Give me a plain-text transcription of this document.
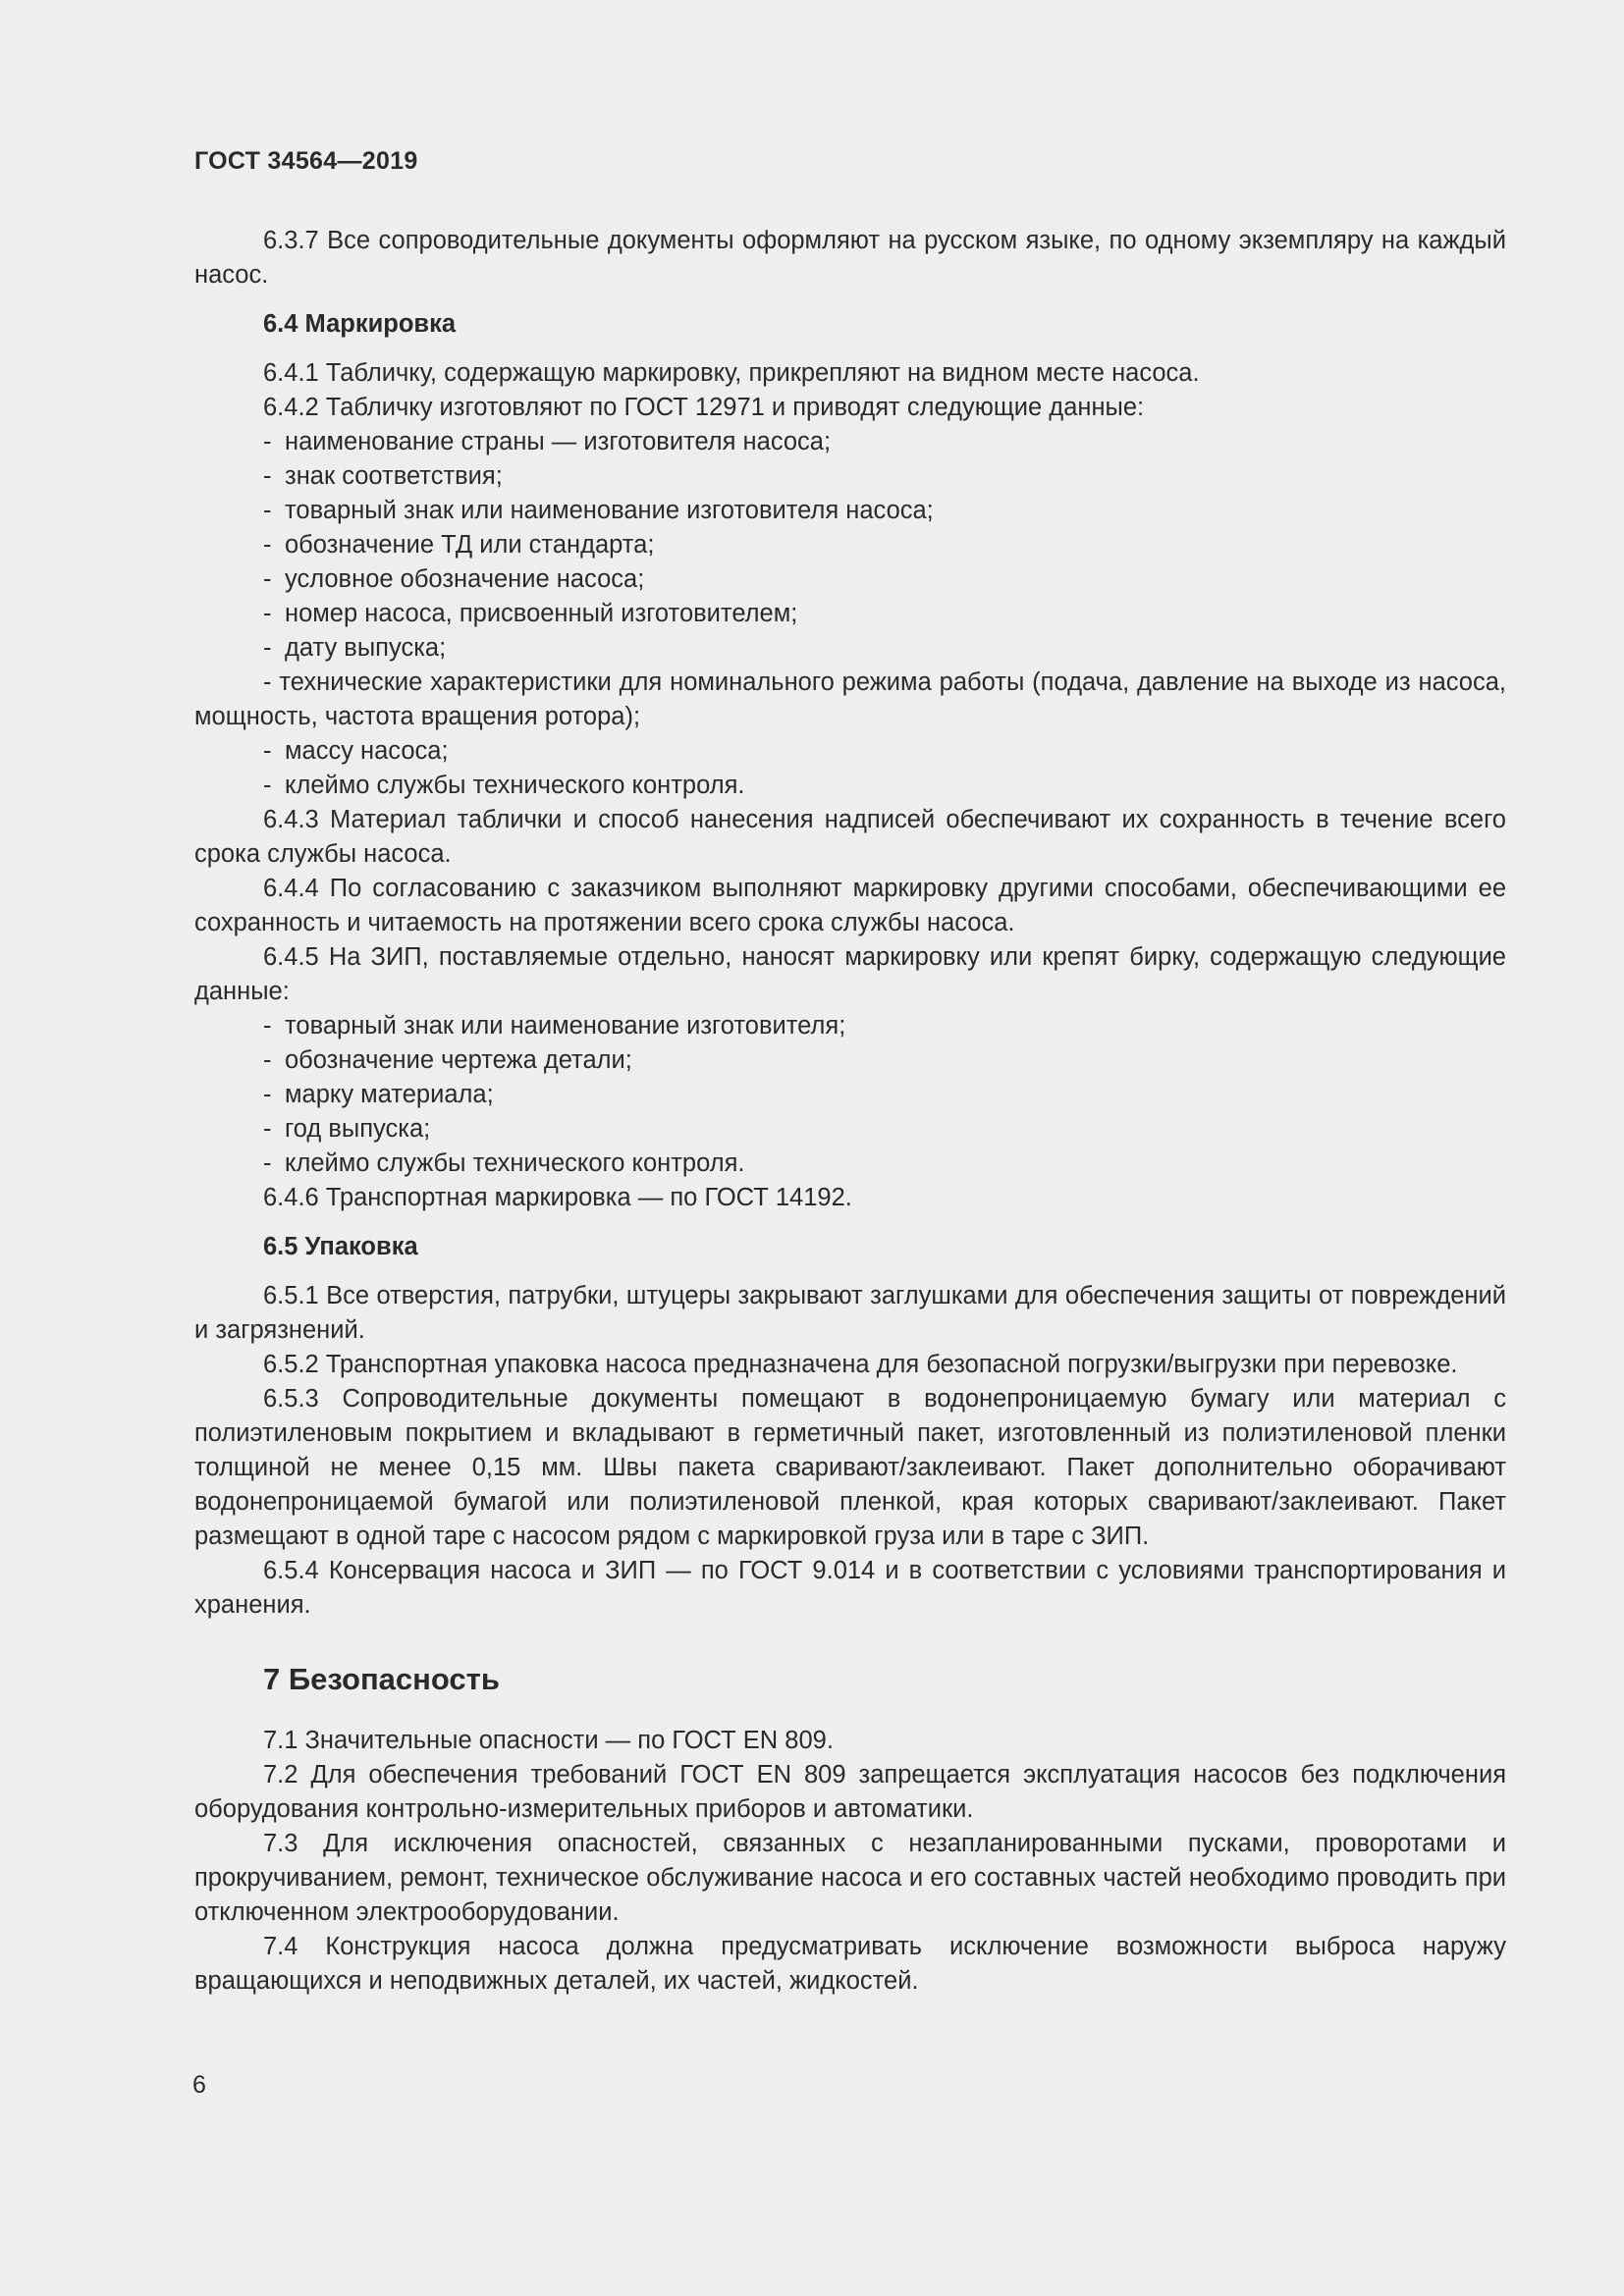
ГОСТ 34564—2019
6.3.7 Все сопроводительные документы оформляют на русском языке, по одному экземпляру на каждый насос.
6.4 Маркировка
6.4.1 Табличку, содержащую маркировку, прикрепляют на видном месте насоса.
6.4.2 Табличку изготовляют по ГОСТ 12971 и приводят следующие данные:
- наименование страны — изготовителя насоса;
- знак соответствия;
- товарный знак или наименование изготовителя насоса;
- обозначение ТД или стандарта;
- условное обозначение насоса;
- номер насоса, присвоенный изготовителем;
- дату выпуска;
- технические характеристики для номинального режима работы (подача, давление на выходе из насоса, мощность, частота вращения ротора);
- массу насоса;
- клеймо службы технического контроля.
6.4.3 Материал таблички и способ нанесения надписей обеспечивают их сохранность в течение всего срока службы насоса.
6.4.4 По согласованию с заказчиком выполняют маркировку другими способами, обеспечивающими ее сохранность и читаемость на протяжении всего срока службы насоса.
6.4.5 На ЗИП, поставляемые отдельно, наносят маркировку или крепят бирку, содержащую следующие данные:
- товарный знак или наименование изготовителя;
- обозначение чертежа детали;
- марку материала;
- год выпуска;
- клеймо службы технического контроля.
6.4.6 Транспортная маркировка — по ГОСТ 14192.
6.5 Упаковка
6.5.1 Все отверстия, патрубки, штуцеры закрывают заглушками для обеспечения защиты от повреждений и загрязнений.
6.5.2 Транспортная упаковка насоса предназначена для безопасной погрузки/выгрузки при перевозке.
6.5.3 Сопроводительные документы помещают в водонепроницаемую бумагу или материал с полиэтиленовым покрытием и вкладывают в герметичный пакет, изготовленный из полиэтиленовой пленки толщиной не менее 0,15 мм. Швы пакета сваривают/заклеивают. Пакет дополнительно оборачивают водонепроницаемой бумагой или полиэтиленовой пленкой, края которых сваривают/заклеивают. Пакет размещают в одной таре с насосом рядом с маркировкой груза или в таре с ЗИП.
6.5.4 Консервация насоса и ЗИП — по ГОСТ 9.014 и в соответствии с условиями транспортирования и хранения.
7 Безопасность
7.1 Значительные опасности — по ГОСТ EN 809.
7.2 Для обеспечения требований ГОСТ EN 809 запрещается эксплуатация насосов без подключения оборудования контрольно-измерительных приборов и автоматики.
7.3 Для исключения опасностей, связанных с незапланированными пусками, проворотами и прокручиванием, ремонт, техническое обслуживание насоса и его составных частей необходимо проводить при отключенном электрооборудовании.
7.4 Конструкция насоса должна предусматривать исключение возможности выброса наружу вращающихся и неподвижных деталей, их частей, жидкостей.
6
